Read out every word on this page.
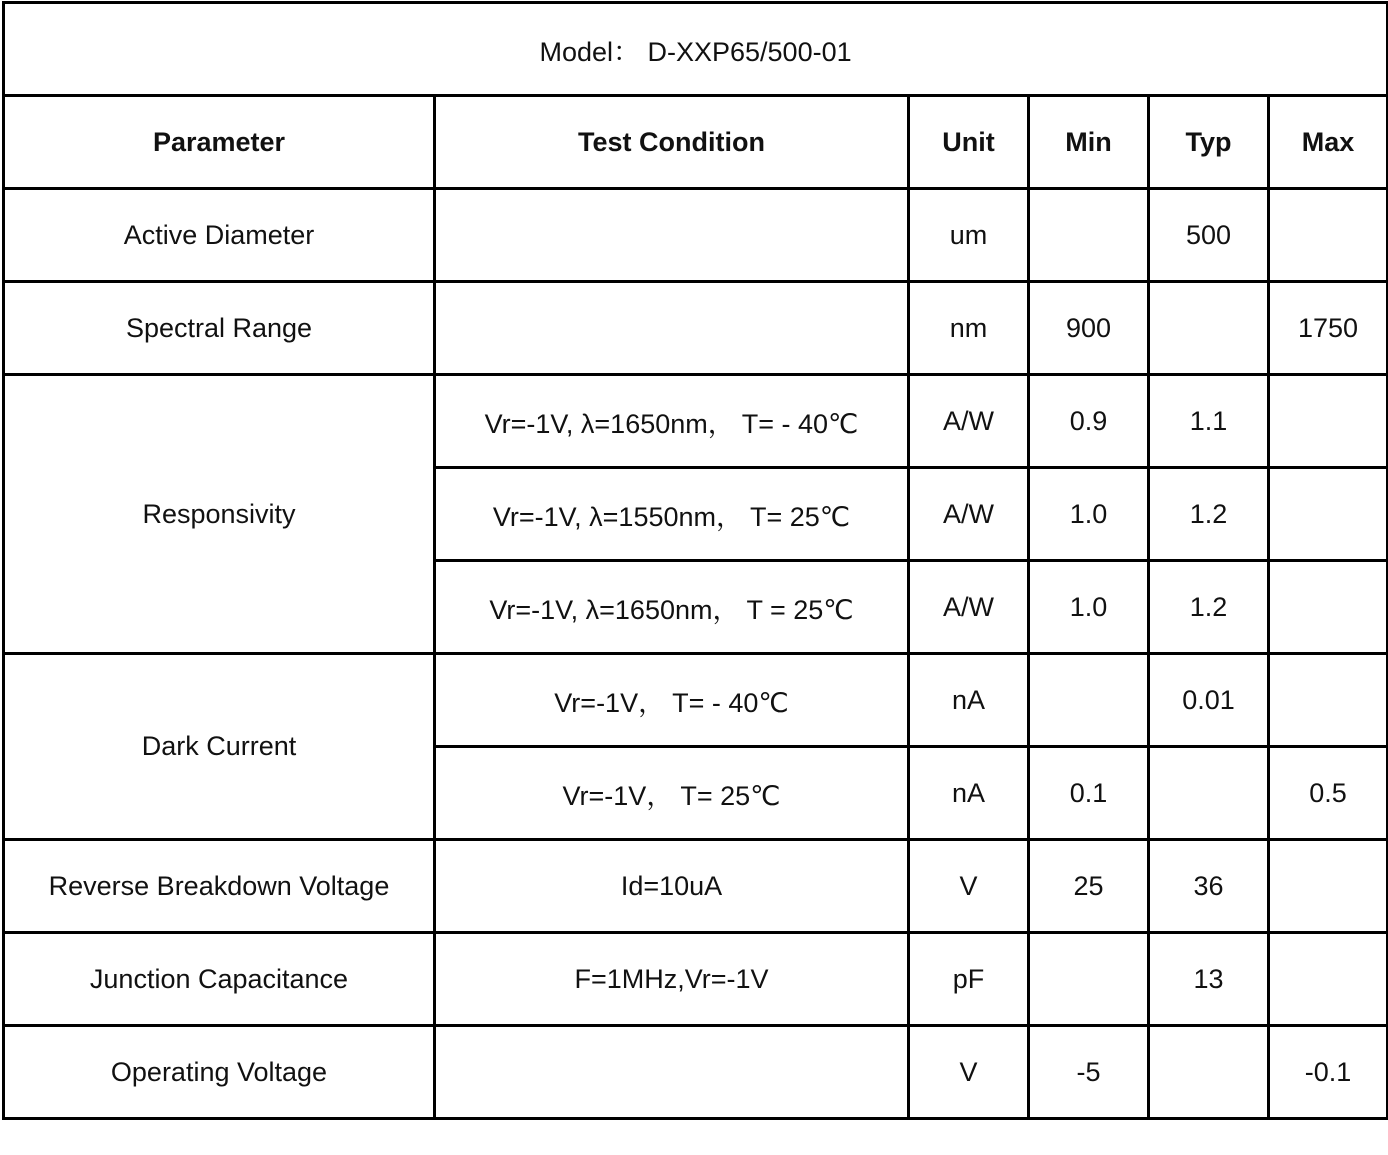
Model： D-XXP65/500-01					
Parameter	Test Condition	Unit	Min	Typ	Max
Active Diameter		um		500	
Spectral Range		nm	900		1750
Responsivity	Vr=-1V, λ=1650nm， T= - 40℃	A/W	0.9	1.1	
	Vr=-1V, λ=1550nm， T= 25℃	A/W	1.0	1.2	
	Vr=-1V, λ=1650nm， T = 25℃	A/W	1.0	1.2	
Dark Current	Vr=-1V， T= - 40℃	nA		0.01	
	Vr=-1V， T= 25℃	nA	0.1		0.5
Reverse Breakdown Voltage	Id=10uA	V	25	36	
Junction Capacitance	F=1MHz,Vr=-1V	pF		13	
Operating Voltage		V	-5		-0.1
